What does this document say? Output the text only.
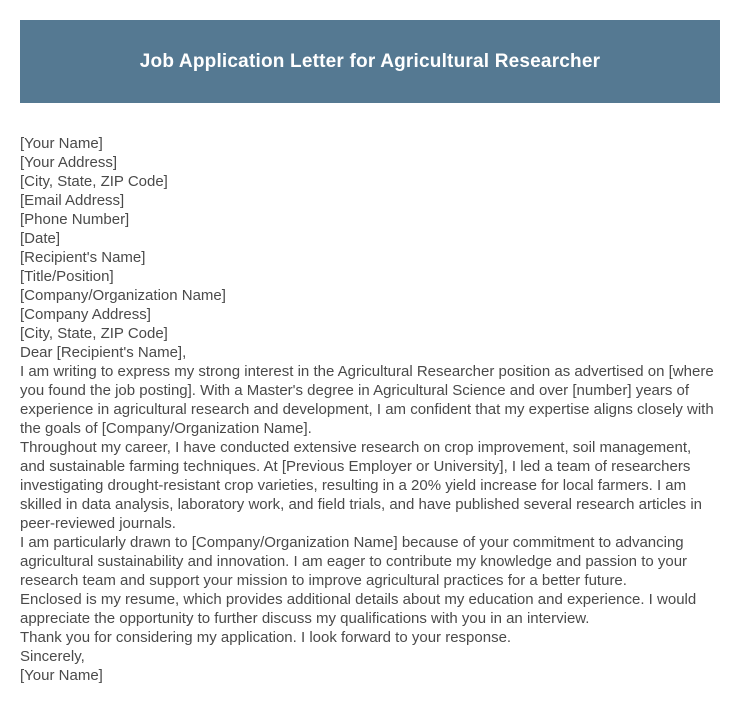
Job Application Letter for Agricultural Researcher

[Your Name]

[Your Address]

[City, State, ZIP Code]

[Email Address]

[Phone Number]

[Date]

[Recipient's Name]

[Title/Position]

[Company/Organization Name]

[Company Address]

[City, State, ZIP Code]

Dear [Recipient's Name],

I am writing to express my strong interest in the Agricultural Researcher position as advertised on [where you found the job posting]. With a Master's degree in Agricultural Science and over [number] years of experience in agricultural research and development, I am confident that my expertise aligns closely with the goals of [Company/Organization Name].

Throughout my career, I have conducted extensive research on crop improvement, soil management, and sustainable farming techniques. At [Previous Employer or University], I led a team of researchers investigating drought-resistant crop varieties, resulting in a 20% yield increase for local farmers. I am skilled in data analysis, laboratory work, and field trials, and have published several research articles in peer-reviewed journals.

I am particularly drawn to [Company/Organization Name] because of your commitment to advancing agricultural sustainability and innovation. I am eager to contribute my knowledge and passion to your research team and support your mission to improve agricultural practices for a better future.

Enclosed is my resume, which provides additional details about my education and experience. I would appreciate the opportunity to further discuss my qualifications with you in an interview.

Thank you for considering my application. I look forward to your response.

Sincerely,

[Your Name]
